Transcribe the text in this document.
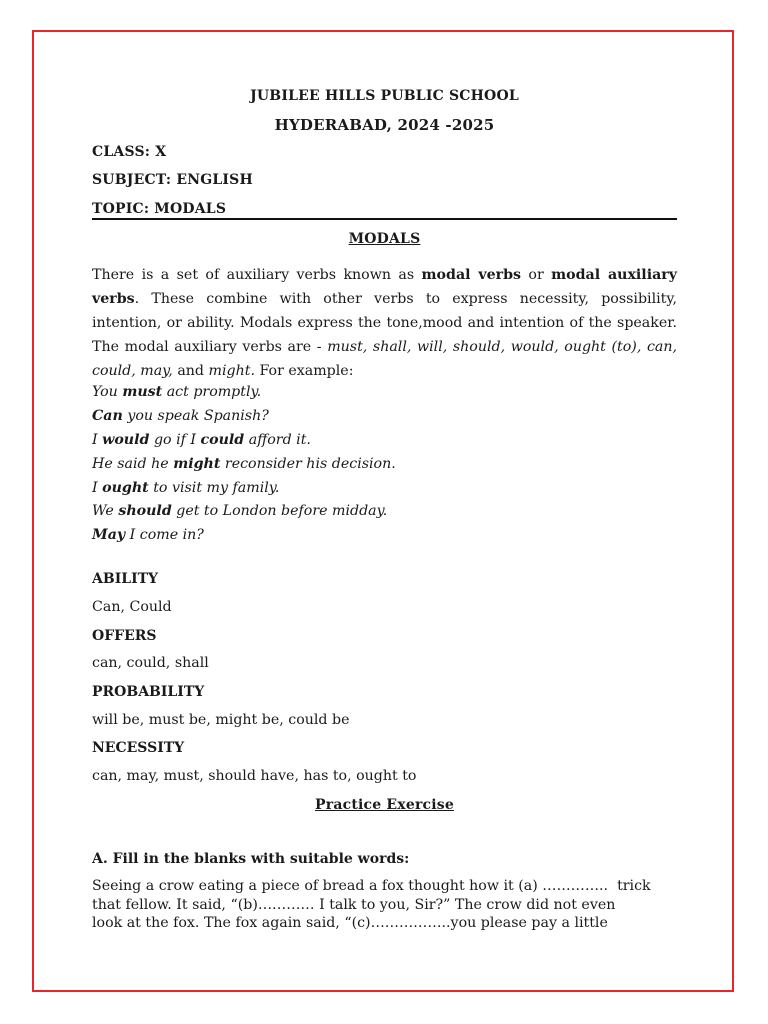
JUBILEE HILLS PUBLIC SCHOOL
HYDERABAD, 2024 -2025
CLASS: X
SUBJECT: ENGLISH
TOPIC: MODALS
MODALS
There is a set of auxiliary verbs known as modal verbs or modal auxiliary verbs. These combine with other verbs to express necessity, possibility, intention, or ability. Modals express the tone,mood and intention of the speaker. The modal auxiliary verbs are - must, shall, will, should, would, ought (to), can, could, may, and might. For example:
You must act promptly.
Can you speak Spanish?
I would go if I could afford it.
He said he might reconsider his decision.
I ought to visit my family.
We should get to London before midday.
May I come in?
ABILITY
Can, Could
OFFERS
can, could, shall
PROBABILITY
will be, must be, might be, could be
NECESSITY
can, may, must, should have, has to, ought to
Practice Exercise
A. Fill in the blanks with suitable words:
Seeing a crow eating a piece of bread a fox thought how it (a) …………..  trick
that fellow. It said, “(b)………… I talk to you, Sir?” The crow did not even
look at the fox. The fox again said, “(c)……………..you please pay a little
